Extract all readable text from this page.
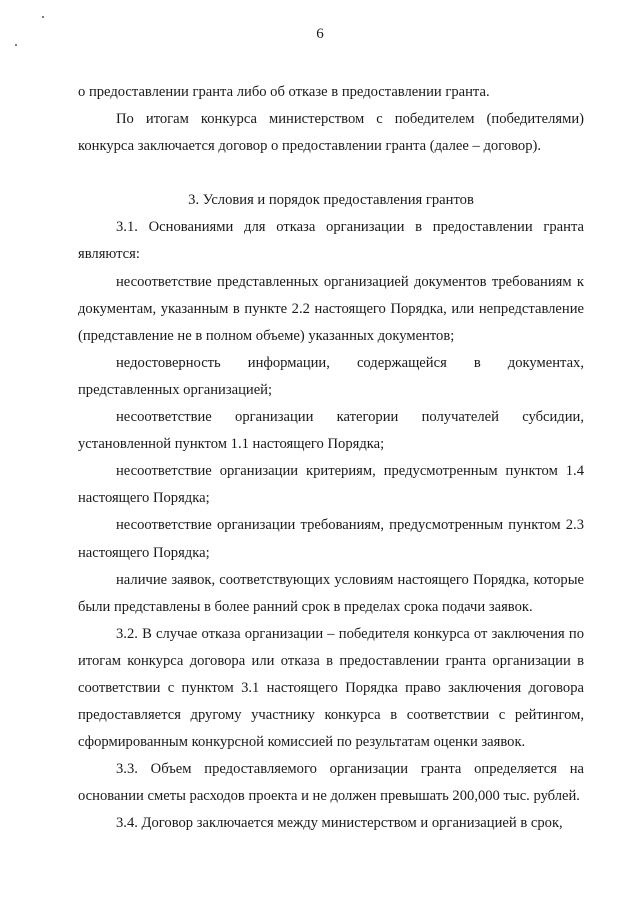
6

о предоставлении гранта либо об отказе в предоставлении гранта.

По итогам конкурса министерством с победителем (победителями) конкурса заключается договор о предоставлении гранта (далее – договор).

3. Условия и порядок предоставления грантов

3.1. Основаниями для отказа организации в предоставлении гранта являются:

несоответствие представленных организацией документов требованиям к документам, указанным в пункте 2.2 настоящего Порядка, или непредставление (представление не в полном объеме) указанных документов;

недостоверность информации, содержащейся в документах, представленных организацией;

несоответствие организации категории получателей субсидии, установленной пунктом 1.1 настоящего Порядка;

несоответствие организации критериям, предусмотренным пунктом 1.4 настоящего Порядка;

несоответствие организации требованиям, предусмотренным пунктом 2.3 настоящего Порядка;

наличие заявок, соответствующих условиям настоящего Порядка, которые были представлены в более ранний срок в пределах срока подачи заявок.

3.2. В случае отказа организации – победителя конкурса от заключения по итогам конкурса договора или отказа в предоставлении гранта организации в соответствии с пунктом 3.1 настоящего Порядка право заключения договора предоставляется другому участнику конкурса в соответствии с рейтингом, сформированным конкурсной комиссией по результатам оценки заявок.

3.3. Объем предоставляемого организации гранта определяется на основании сметы расходов проекта и не должен превышать 200,000 тыс. рублей.

3.4. Договор заключается между министерством и организацией в срок,
